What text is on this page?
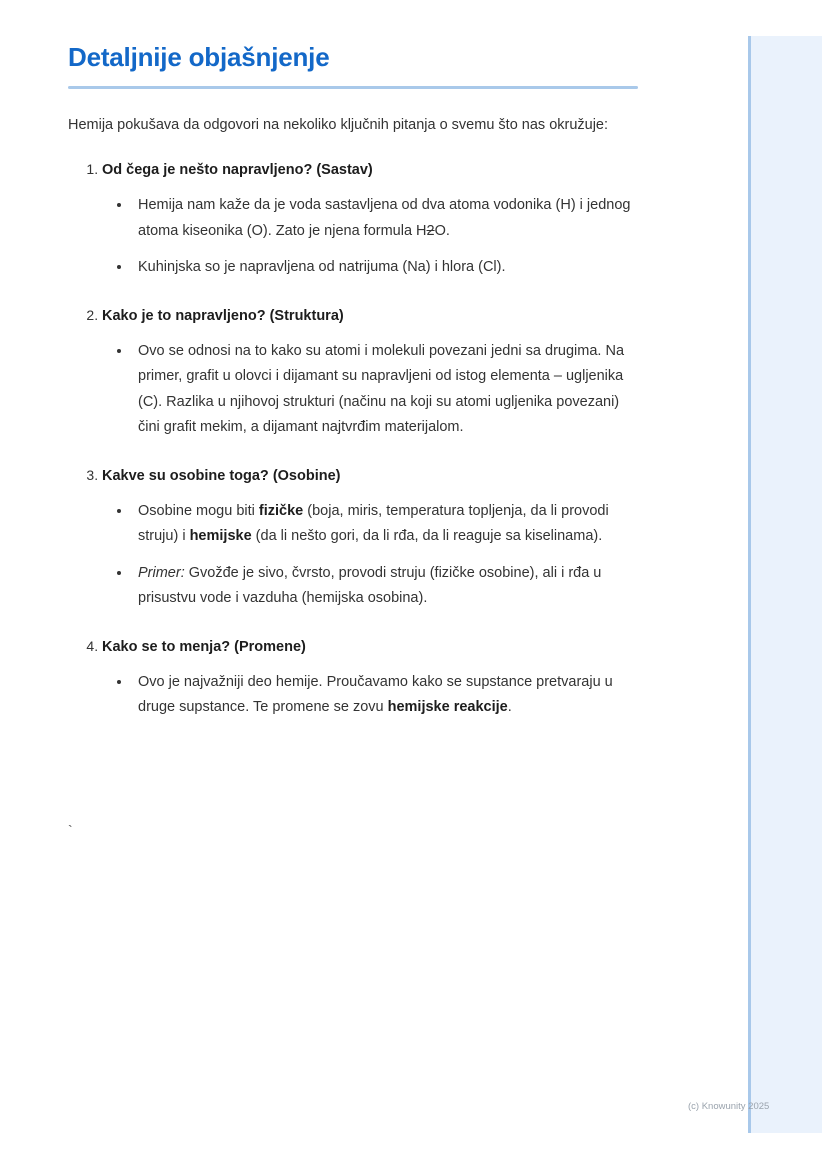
Detaljnije objašnjenje

Hemija pokušava da odgovori na nekoliko ključnih pitanja o svemu što nas okružuje:

1. Od čega je nešto napravljeno? (Sastav)
• Hemija nam kaže da je voda sastavljena od dva atoma vodonika (H) i jednog atoma kiseonika (O). Zato je njena formula H2O.
• Kuhinjska so je napravljena od natrijuma (Na) i hlora (Cl).
2. Kako je to napravljeno? (Struktura)
• Ovo se odnosi na to kako su atomi i molekuli povezani jedni sa drugima. Na primer, grafit u olovci i dijamant su napravljeni od istog elementa – ugljenika (C). Razlika u njihovoj strukturi (načinu na koji su atomi ugljenika povezani) čini grafit mekim, a dijamant najtvrđim materijalom.
3. Kakve su osobine toga? (Osobine)
• Osobine mogu biti fizičke (boja, miris, temperatura topljenja, da li provodi struju) i hemijske (da li nešto gori, da li rđa, da li reaguje sa kiselinama).
• Primer: Gvožđe je sivo, čvrsto, provodi struju (fizičke osobine), ali i rđa u prisustvu vode i vazduha (hemijska osobina).
4. Kako se to menja? (Promene)
• Ovo je najvažniji deo hemije. Proučavamo kako se supstance pretvaraju u druge supstance. Te promene se zovu hemijske reakcije.
`
(c) Knowunity 2025
